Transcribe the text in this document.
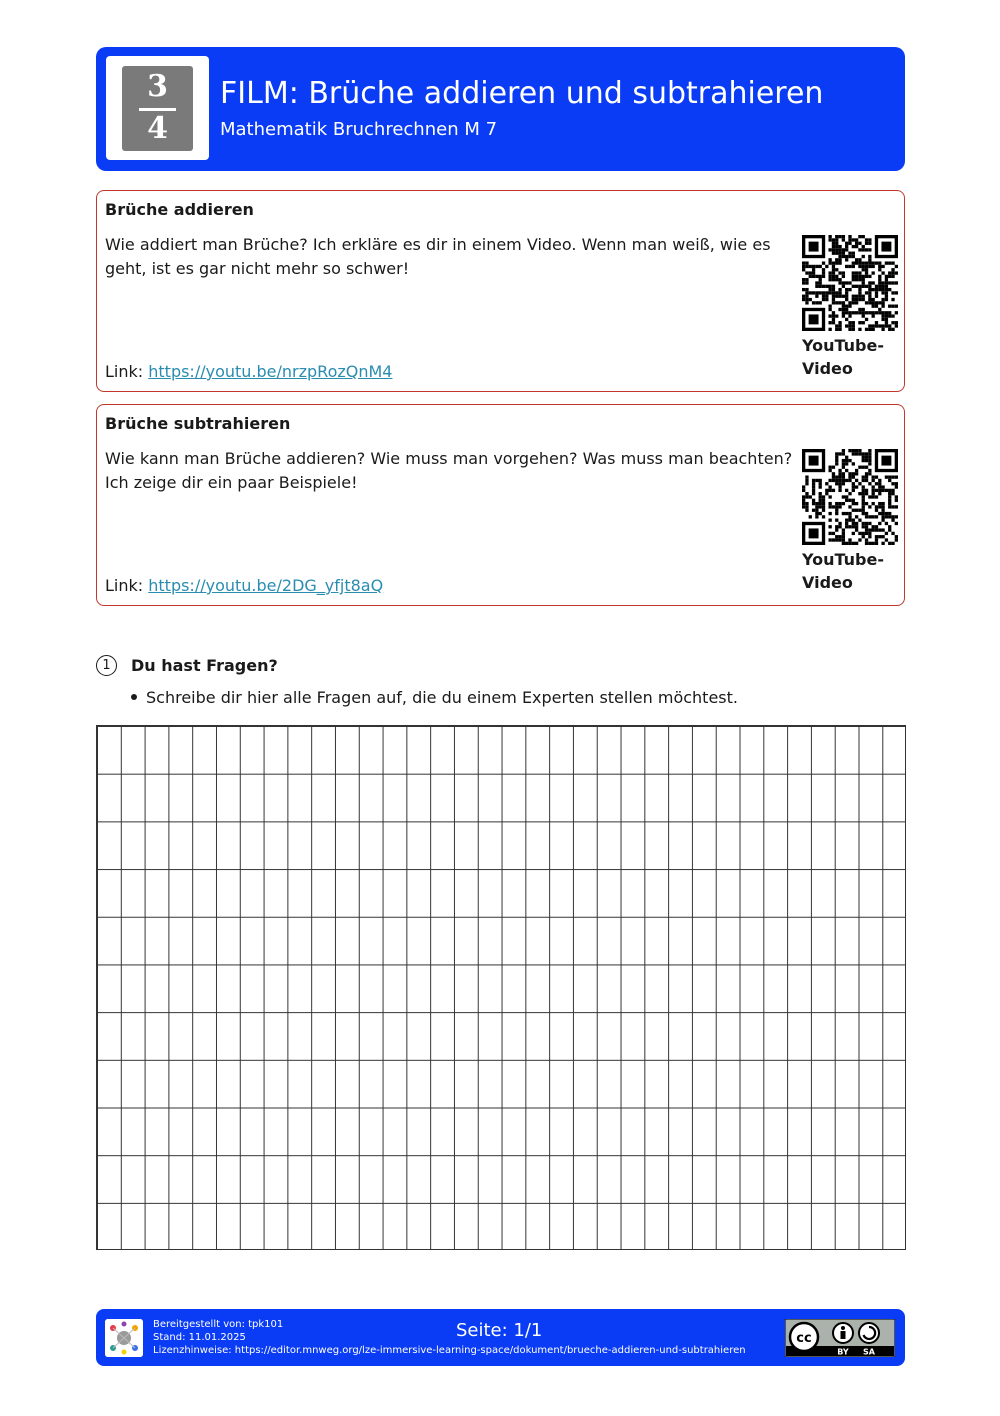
3
4
FILM: Brüche addieren und subtrahieren
Mathematik Bruchrechnen M 7
Brüche addieren
Wie addiert man Brüche? Ich erkläre es dir in einem Video. Wenn man weiß, wie es geht, ist es gar nicht mehr so schwer!
Link: https://youtu.be/nrzpRozQnM4
YouTube-Video
Brüche subtrahieren
Wie kann man Brüche addieren? Wie muss man vorgehen? Was muss man beachten? Ich zeige dir ein paar Beispiele!
Link: https://youtu.be/2DG_yfjt8aQ
YouTube-Video
1	Du hast Fragen?
Schreibe dir hier alle Fragen auf, die du einem Experten stellen möchtest.
Bereitgestellt von: tpk101
Stand: 11.01.2025
Lizenzhinweise: https://editor.mnweg.org/lze-immersive-learning-space/dokument/brueche-addieren-und-subtrahieren
Seite: 1/1	cc
BY SA
